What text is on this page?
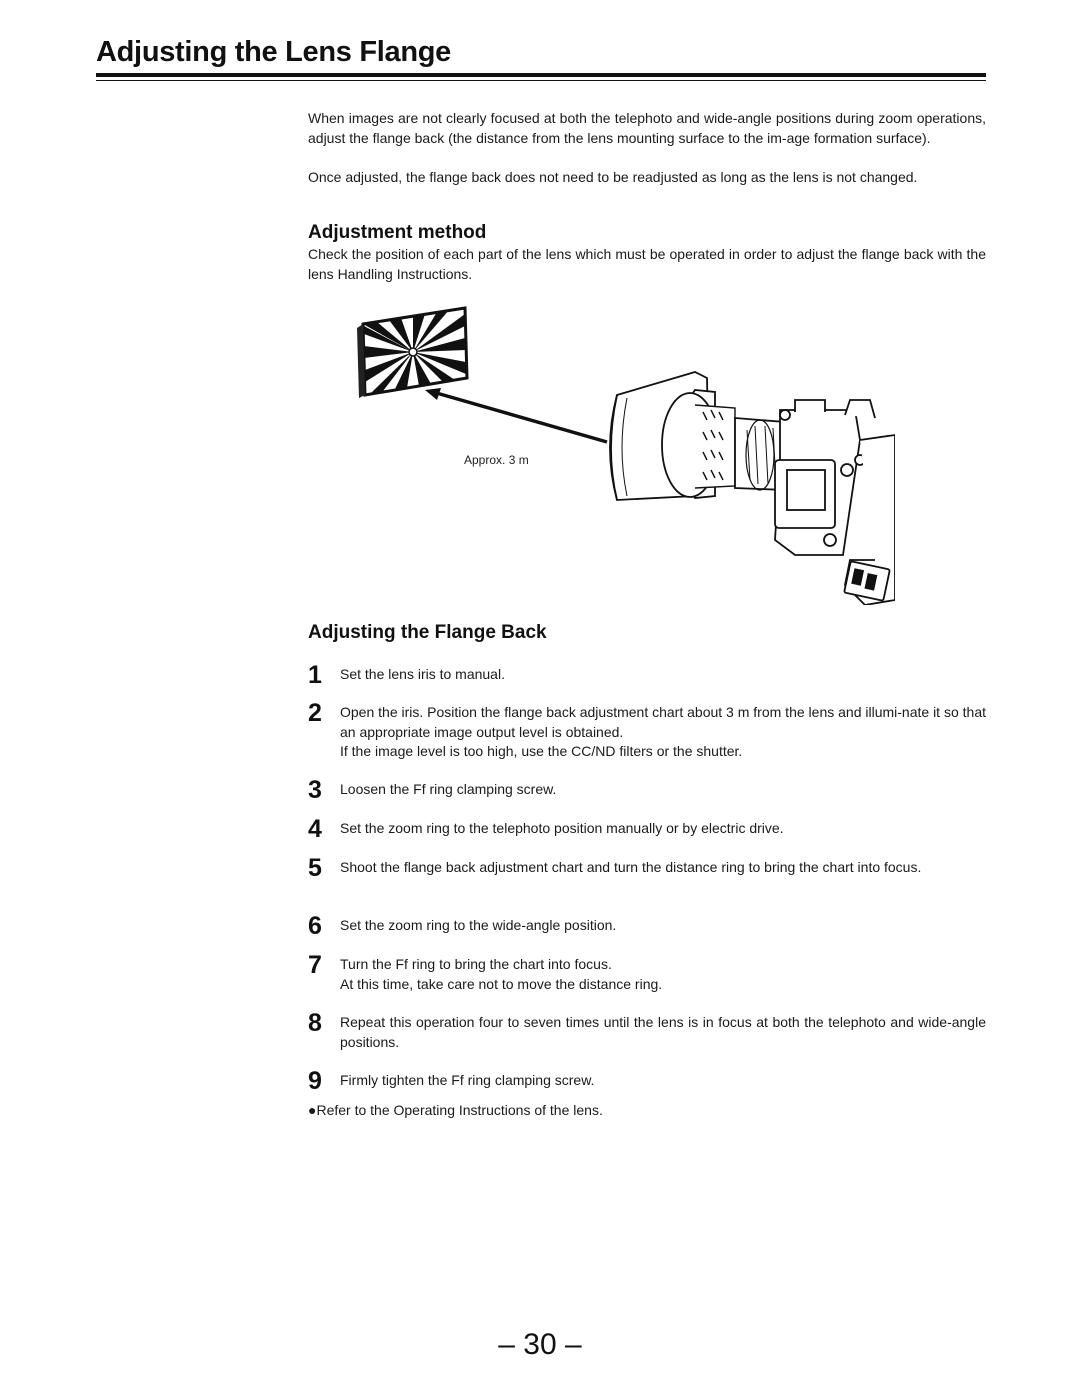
Adjusting the Lens Flange

When images are not clearly focused at both the telephoto and wide-angle positions during zoom operations, adjust the flange back (the distance from the lens mounting surface to the im-age formation surface).

Once adjusted, the flange back does not need to be readjusted as long as the lens is not changed.

Adjustment method

Check the position of each part of the lens which must be operated in order to adjust the flange back with the lens Handling Instructions.

Approx. 3 m
Adjusting the Flange Back
1	Set the lens iris to manual.

2	Open the iris. Position the flange back adjustment chart about 3 m from the lens and illumi-nate it so that an appropriate image output level is obtained.

If the image level is too high, use the CC/ND filters or the shutter.

3	Loosen the Ff ring clamping screw.

4	Set the zoom ring to the telephoto position manually or by electric drive.

5	Shoot the flange back adjustment chart and turn the distance ring to bring the chart into focus.

6	Set the zoom ring to the wide-angle position.

7	Turn the Ff ring to bring the chart into focus.

At this time, take care not to move the distance ring.

8	Repeat this operation four to seven times until the lens is in focus at both the telephoto and wide-angle positions.

9	Firmly tighten the Ff ring clamping screw.

●Refer to the Operating Instructions of the lens.

– 30 –
